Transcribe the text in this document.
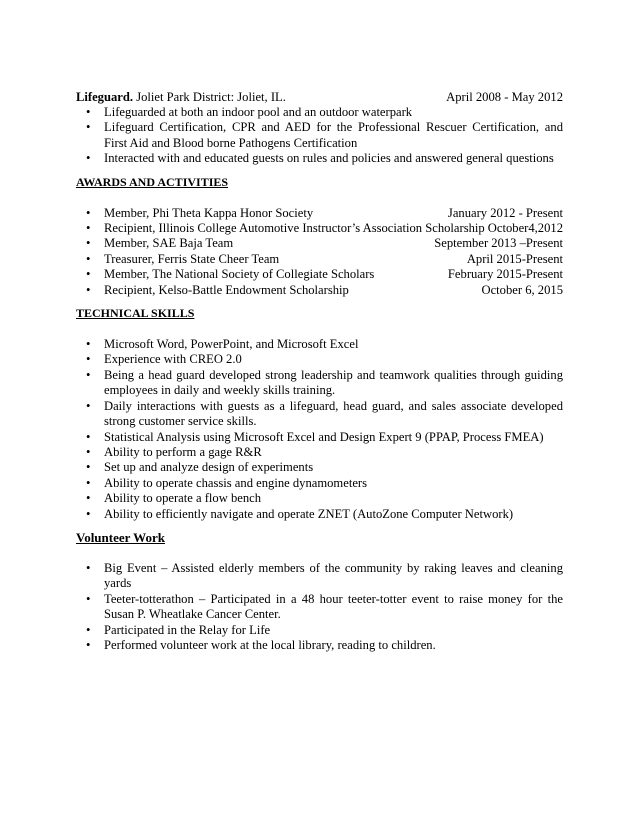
Lifeguard. Joliet Park District: Joliet, IL.	April 2008 - May 2012
• Lifeguarded at both an indoor pool and an outdoor waterpark
• Lifeguard Certification, CPR and AED for the Professional Rescuer Certification, and First Aid and Blood borne Pathogens Certification
• Interacted with and educated guests on rules and policies and answered general questions
AWARDS AND ACTIVITIES
• Member, Phi Theta Kappa Honor Society	January 2012 - Present
• Recipient, Illinois College Automotive Instructor’s Association Scholarship October4,2012
• Member, SAE Baja Team	September 2013 –Present
• Treasurer, Ferris State Cheer Team	April 2015-Present
• Member, The National Society of Collegiate Scholars	February 2015-Present
• Recipient, Kelso-Battle Endowment Scholarship	October 6, 2015
TECHNICAL SKILLS
• Microsoft Word, PowerPoint, and Microsoft Excel
• Experience with CREO 2.0
• Being a head guard developed strong leadership and teamwork qualities through guiding employees in daily and weekly skills training.
• Daily interactions with guests as a lifeguard, head guard, and sales associate developed strong customer service skills.
• Statistical Analysis using Microsoft Excel and Design Expert 9 (PPAP, Process FMEA)
• Ability to perform a gage R&R
• Set up and analyze design of experiments
• Ability to operate chassis and engine dynamometers
• Ability to operate a flow bench
• Ability to efficiently navigate and operate ZNET (AutoZone Computer Network)
Volunteer Work
• Big Event – Assisted elderly members of the community by raking leaves and cleaning yards
• Teeter-totterathon – Participated in a 48 hour teeter-totter event to raise money for the Susan P. Wheatlake Cancer Center.
• Participated in the Relay for Life
• Performed volunteer work at the local library, reading to children.
